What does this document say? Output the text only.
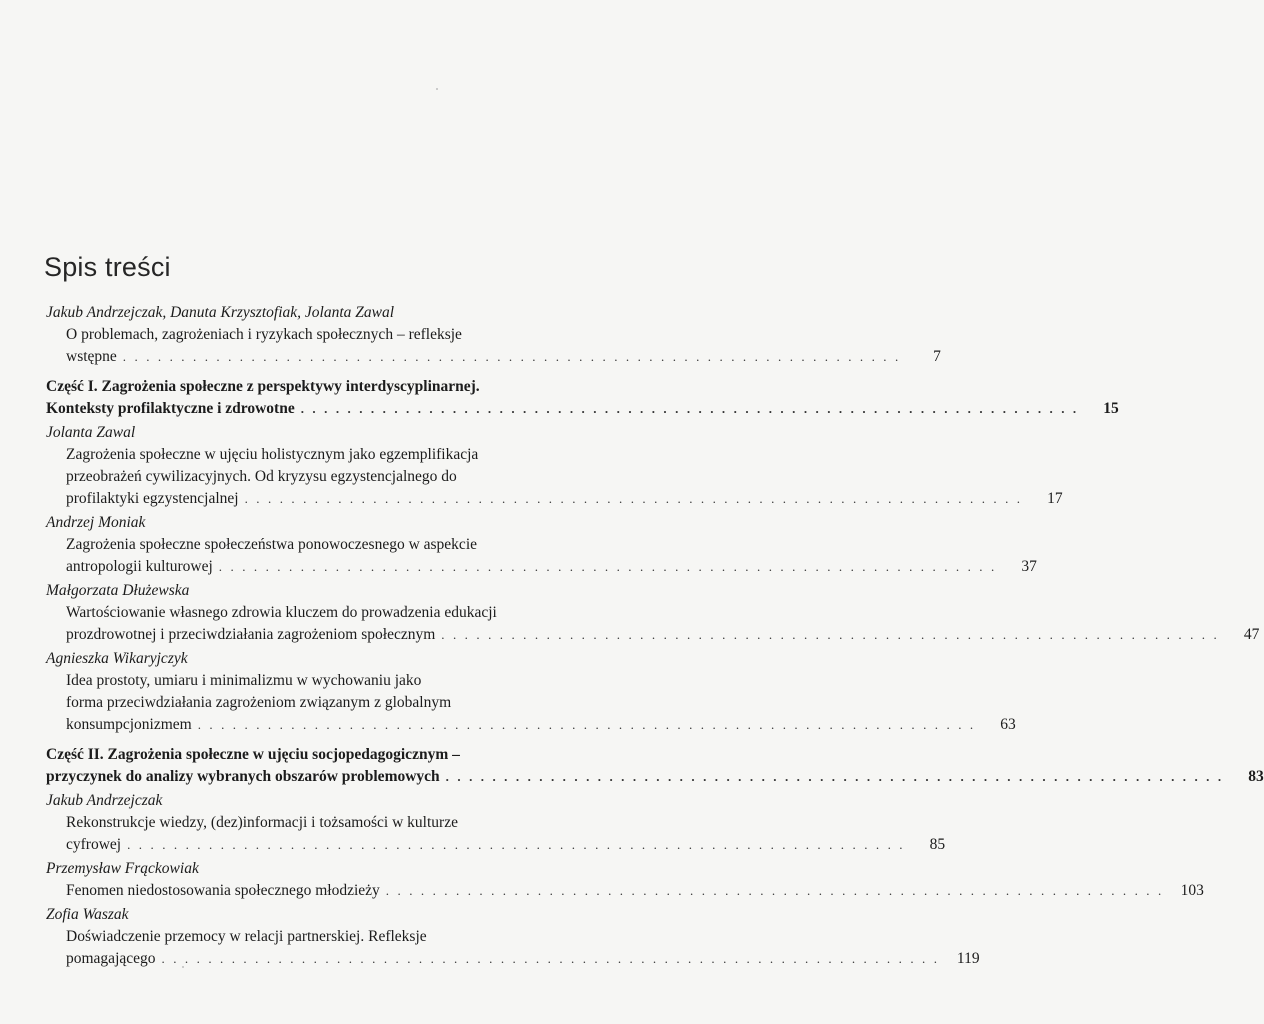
Spis treści
Jakub Andrzejczak, Danuta Krzysztofiak, Jolanta Zawal
O problemach, zagrożeniach i ryzykach społecznych – refleksje
wstępne . . . . . . . . . . . . . . . . . . . . . . . . . . . . . . . . . . . . . . . . . . . . . . . . . . . . . . . . . . . . . . . . . . .	7
Część I. Zagrożenia społeczne z perspektywy interdyscyplinarnej.
Konteksty profilaktyczne i zdrowotne . . . . . . . . . . . . . . . . . . . . . . . . . . . . . . . . . . . . . . . . . . . . . . . . . . . . . . . . . . . . . . . . . . .	15
Jolanta Zawal
Zagrożenia społeczne w ujęciu holistycznym jako egzemplifikacja
przeobrażeń cywilizacyjnych. Od kryzysu egzystencjalnego do
profilaktyki egzystencjalnej . . . . . . . . . . . . . . . . . . . . . . . . . . . . . . . . . . . . . . . . . . . . . . . . . . . . . . . . . . . . . . . . . . .	17
Andrzej Moniak
Zagrożenia społeczne społeczeństwa ponowoczesnego w aspekcie
antropologii kulturowej . . . . . . . . . . . . . . . . . . . . . . . . . . . . . . . . . . . . . . . . . . . . . . . . . . . . . . . . . . . . . . . . . . .	37
Małgorzata Dłużewska
Wartościowanie własnego zdrowia kluczem do prowadzenia edukacji
prozdrowotnej i przeciwdziałania zagrożeniom społecznym . . . . . . . . . . . . . . . . . . . . . . . . . . . . . . . . . . . . . . . . . . . . . . . . . . . . . . . . . . . . . . . . . . .	47
Agnieszka Wikaryjczyk
Idea prostoty, umiaru i minimalizmu w wychowaniu jako
forma przeciwdziałania zagrożeniom związanym z globalnym
konsumpcjonizmem . . . . . . . . . . . . . . . . . . . . . . . . . . . . . . . . . . . . . . . . . . . . . . . . . . . . . . . . . . . . . . . . . . .	63
Część II. Zagrożenia społeczne w ujęciu socjopedagogicznym –
przyczynek do analizy wybranych obszarów problemowych . . . . . . . . . . . . . . . . . . . . . . . . . . . . . . . . . . . . . . . . . . . . . . . . . . . . . . . . . . . . . . . . . . .	83
Jakub Andrzejczak
Rekonstrukcje wiedzy, (dez)informacji i tożsamości w kulturze
cyfrowej . . . . . . . . . . . . . . . . . . . . . . . . . . . . . . . . . . . . . . . . . . . . . . . . . . . . . . . . . . . . . . . . . . .	85
Przemysław Frąckowiak
Fenomen niedostosowania społecznego młodzieży . . . . . . . . . . . . . . . . . . . . . . . . . . . . . . . . . . . . . . . . . . . . . . . . . . . . . . . . . . . . . . . . . . .	103
Zofia Waszak
Doświadczenie przemocy w relacji partnerskiej. Refleksje
pomagającego . . . . . . . . . . . . . . . . . . . . . . . . . . . . . . . . . . . . . . . . . . . . . . . . . . . . . . . . . . . . . . . . . . .	119
